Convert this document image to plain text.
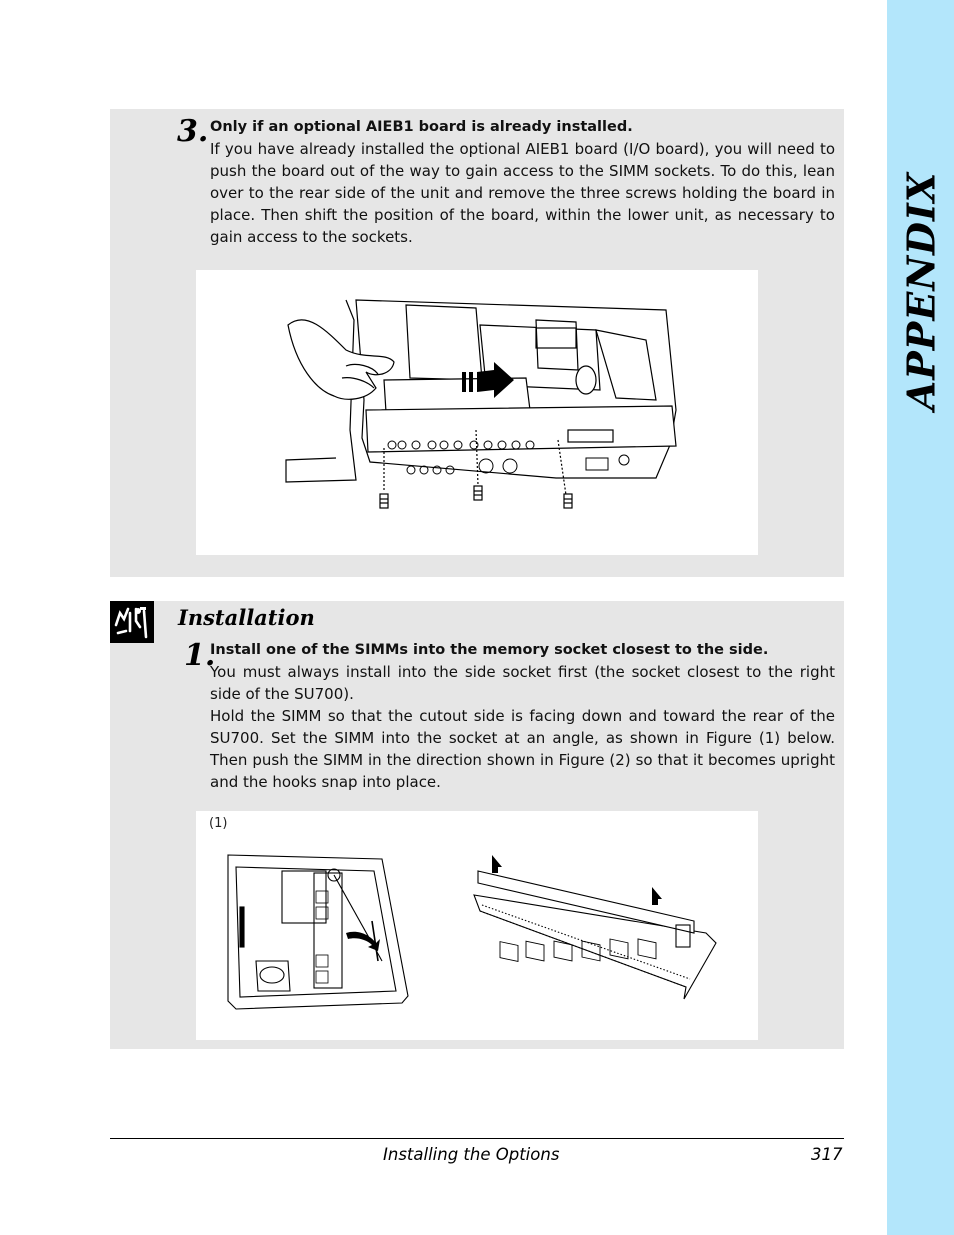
APPENDIX
3. Only if an optional AIEB1 board is already installed.

If you have already installed the optional AIEB1 board (I/O board), you will need to push the board out of the way to gain access to the SIMM sockets. To do this, lean over to the rear side of the unit and remove the three screws holding the board in place. Then shift the position of the board, within the lower unit, as necessary to gain access to the sockets.

Installation
1.
Install one of the SIMMs into the memory socket closest to the side.

You must always install into the side socket first (the socket closest to the right side of the SU700).

Hold the SIMM so that the cutout side is facing down and toward the rear of the SU700. Set the SIMM into the socket at an angle, as shown in Figure (1) below. Then push the SIMM in the direction shown in Figure (2) so that it becomes upright and the hooks snap into place.

(1)
Installing the Options	317
